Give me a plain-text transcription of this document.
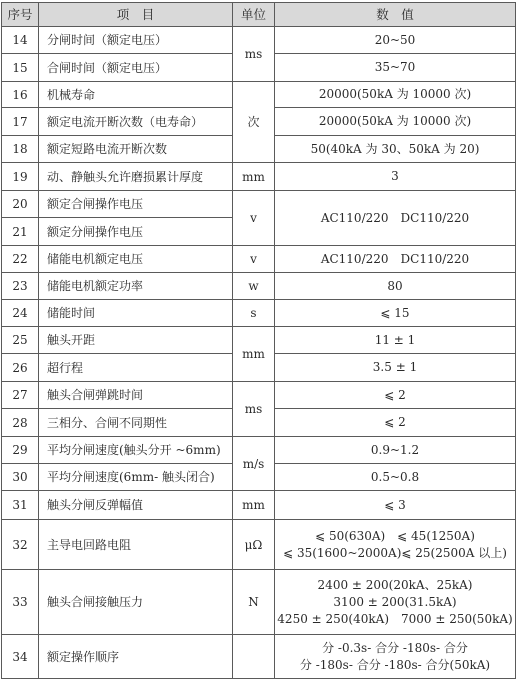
序号	项　目	单位	数　值
14	分闸时间（额定电压）	ms	20~50

15	合闸时间（额定电压）		35~70

16	机械寿命	次	20000(50kA 为 10000 次)

17	额定电流开断次数（电寿命）		20000(50kA 为 10000 次)

18	额定短路电流开断次数		50(40kA 为 30、50kA 为 20)

19	动、静触头允许磨损累计厚度	mm	3

20	额定合闸操作电压	v	AC110/220　DC110/220

21	额定分闸操作电压		
22	储能电机额定电压	v	AC110/220　DC110/220

23	储能电机额定功率	w	80

24	储能时间	s	⩽ 15

25	触头开距	mm	11 ± 1

26	超行程		3.5 ± 1

27	触头合闸弹跳时间	ms	⩽ 2

28	三相分、合闸不同期性		⩽ 2

29	平均分闸速度(触头分开 ~6mm)	m/s	0.9~1.2

30	平均分闸速度(6mm- 触头闭合)		0.5~0.8

31	触头分闸反弹幅值	mm	⩽ 3

32	主导电回路电阻	μΩ	⩽ 50(630A)　⩽ 45(1250A)
⩽ 35(1600~2000A)⩽ 25(2500A 以上)

33	触头合闸接触压力	N	2400 ± 200(20kA、25kA)
3100 ± 200(31.5kA)
4250 ± 250(40kA)　7000 ± 250(50kA)

34	额定操作顺序		分 -0.3s- 合分 -180s- 合分
分 -180s- 合分 -180s- 合分(50kA)
